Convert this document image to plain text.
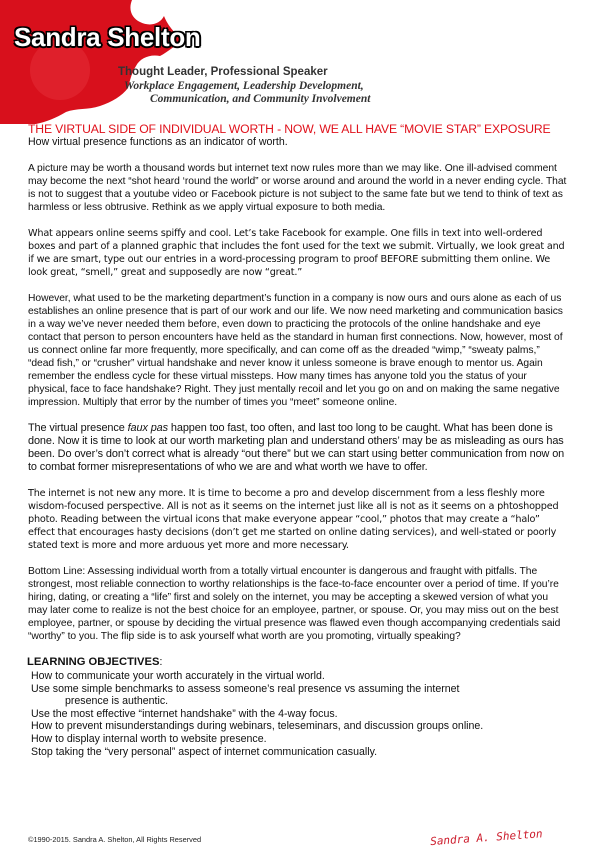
Sandra Shelton
Thought Leader, Professional Speaker
Workplace Engagement, Leadership Development,
Communication, and Community Involvement
THE VIRTUAL SIDE OF INDIVIDUAL WORTH - NOW, WE ALL HAVE “MOVIE STAR” EXPOSURE

How virtual presence functions as an indicator of worth.

A picture may be worth a thousand words but internet text now rules more than we may like. One ill-advised comment may become the next “shot heard ‘round the world” or worse around and around the world in a never ending cycle. That is not to suggest that a youtube video or Facebook picture is not subject to the same fate but we tend to think of text as harmless or less obtrusive. Rethink as we apply virtual exposure to both media.

What appears online seems spiffy and cool. Let’s take Facebook for example. One fills in text into well-ordered boxes and part of a planned graphic that includes the font used for the text we submit. Virtually, we look great and if we are smart, type out our entries in a word-processing program to proof BEFORE submitting them online. We look great, “smell,” great and supposedly are now “great.”

However, what used to be the marketing department’s function in a company is now ours and ours alone as each of us establishes an online presence that is part of our work and our life. We now need marketing and communication basics in a way we’ve never needed them before, even down to practicing the protocols of the online handshake and eye contact that person to person encounters have held as the standard in human first connections. Now, however, most of us connect online far more frequently, more specifically, and can come off as the dreaded “wimp,” “sweaty palms,” “dead fish,” or “crusher” virtual handshake and never know it unless someone is brave enough to mentor us. Again remember the endless cycle for these virtual missteps. How many times has anyone told you the status of your physical, face to face handshake? Right. They just mentally recoil and let you go on and on making the same negative impression. Multiply that error by the number of times you “meet” someone online.

The virtual presence faux pas happen too fast, too often, and last too long to be caught. What has been done is done. Now it is time to look at our worth marketing plan and understand others’ may be as misleading as ours has been. Do over’s don’t correct what is already “out there” but we can start using better communication from now on to combat former misrepresentations of who we are and what worth we have to offer.

The internet is not new any more. It is time to become a pro and develop discernment from a less fleshly more wisdom-focused perspective. All is not as it seems on the internet just like all is not as it seems on a phtoshopped photo. Reading between the virtual icons that make everyone appear “cool,” photos that may create a “halo” effect that encourages hasty decisions (don’t get me started on online dating services), and well-stated or poorly stated text is more and more arduous yet more and more necessary.

Bottom Line: Assessing individual worth from a totally virtual encounter is dangerous and fraught with pitfalls. The strongest, most reliable connection to worthy relationships is the face-to-face encounter over a period of time. If you’re hiring, dating, or creating a “life” first and solely on the internet, you may be accepting a skewed version of what you may later come to realize is not the best choice for an employee, partner, or spouse. Or, you may miss out on the best employee, partner, or spouse by deciding the virtual presence was flawed even though accompanying credentials said “worthy” to you. The flip side is to ask yourself what worth are you promoting, virtually speaking?

LEARNING OBJECTIVES:
How to communicate your worth accurately in the virtual world.
Use some simple benchmarks to assess someone’s real presence vs assuming the internet
presence is authentic.
Use the most effective “internet handshake” with the 4-way focus.
How to prevent misunderstandings during webinars, teleseminars, and discussion groups online.
How to display internal worth to website presence.
Stop taking the “very personal” aspect of internet communication casually.
©1990-2015. Sandra A. Shelton, All Rights Reserved	Sandra A. Shelton
